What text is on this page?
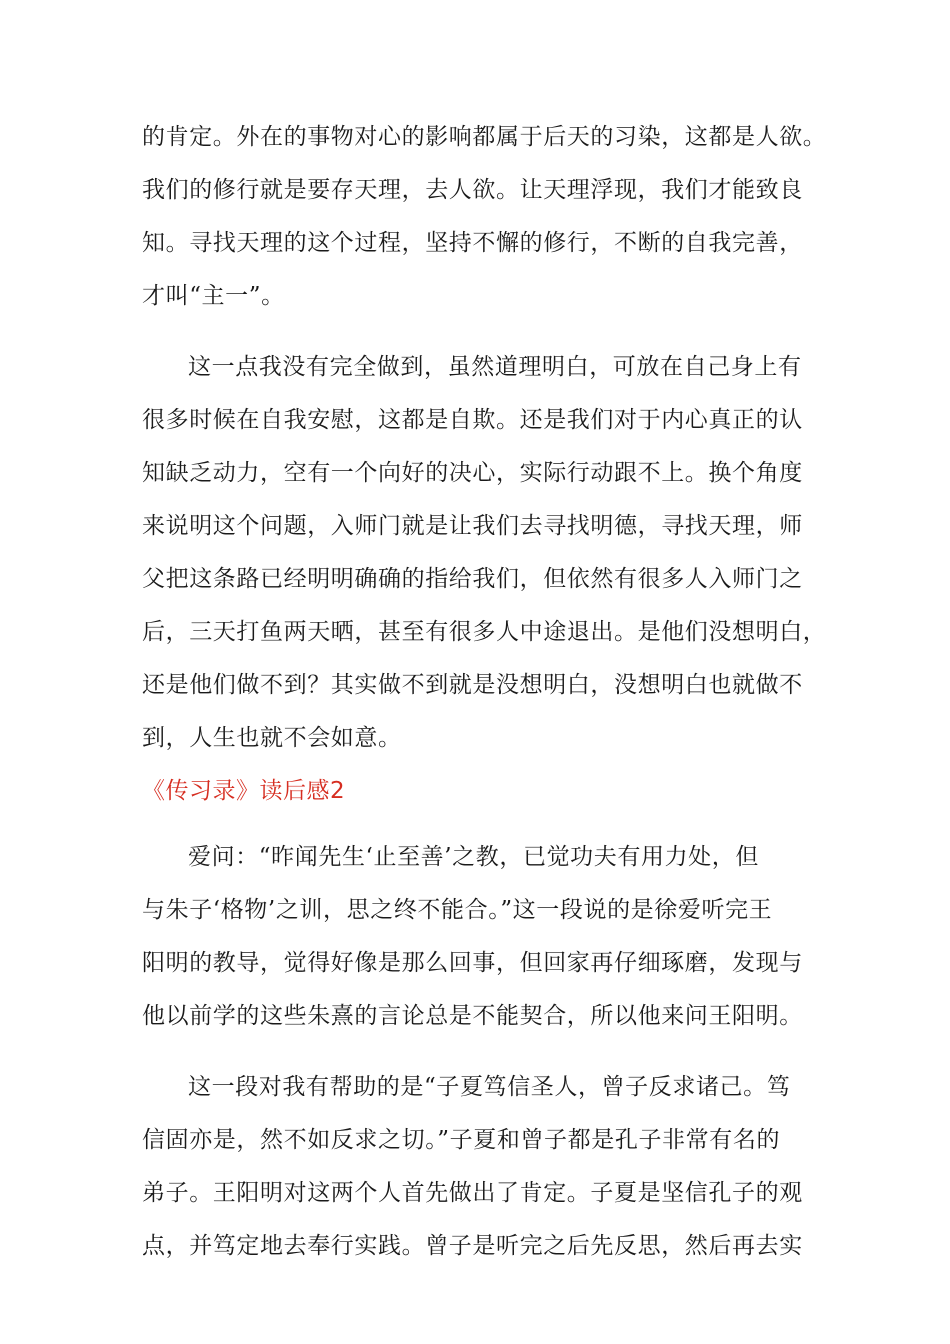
的肯定。外在的事物对心的影响都属于后天的习染，这都是人欲。
我们的修行就是要存天理，去人欲。让天理浮现，我们才能致良
知。寻找天理的这个过程，坚持不懈的修行，不断的自我完善，
才叫“主一”。
这一点我没有完全做到，虽然道理明白，可放在自己身上有
很多时候在自我安慰，这都是自欺。还是我们对于内心真正的认
知缺乏动力，空有一个向好的决心，实际行动跟不上。换个角度
来说明这个问题，入师门就是让我们去寻找明德，寻找天理，师
父把这条路已经明明确确的指给我们，但依然有很多人入师门之
后，三天打鱼两天晒，甚至有很多人中途退出。是他们没想明白，
还是他们做不到？其实做不到就是没想明白，没想明白也就做不
到，人生也就不会如意。
《传习录》读后感2
爱问：“昨闻先生‘止至善’之教，已觉功夫有用力处，但
与朱子‘格物’之训，思之终不能合。”这一段说的是徐爱听完王
阳明的教导，觉得好像是那么回事，但回家再仔细琢磨，发现与
他以前学的这些朱熹的言论总是不能契合，所以他来问王阳明。
这一段对我有帮助的是“子夏笃信圣人，曾子反求诸己。笃
信固亦是，然不如反求之切。”子夏和曾子都是孔子非常有名的
弟子。王阳明对这两个人首先做出了肯定。子夏是坚信孔子的观
点，并笃定地去奉行实践。曾子是听完之后先反思，然后再去实
